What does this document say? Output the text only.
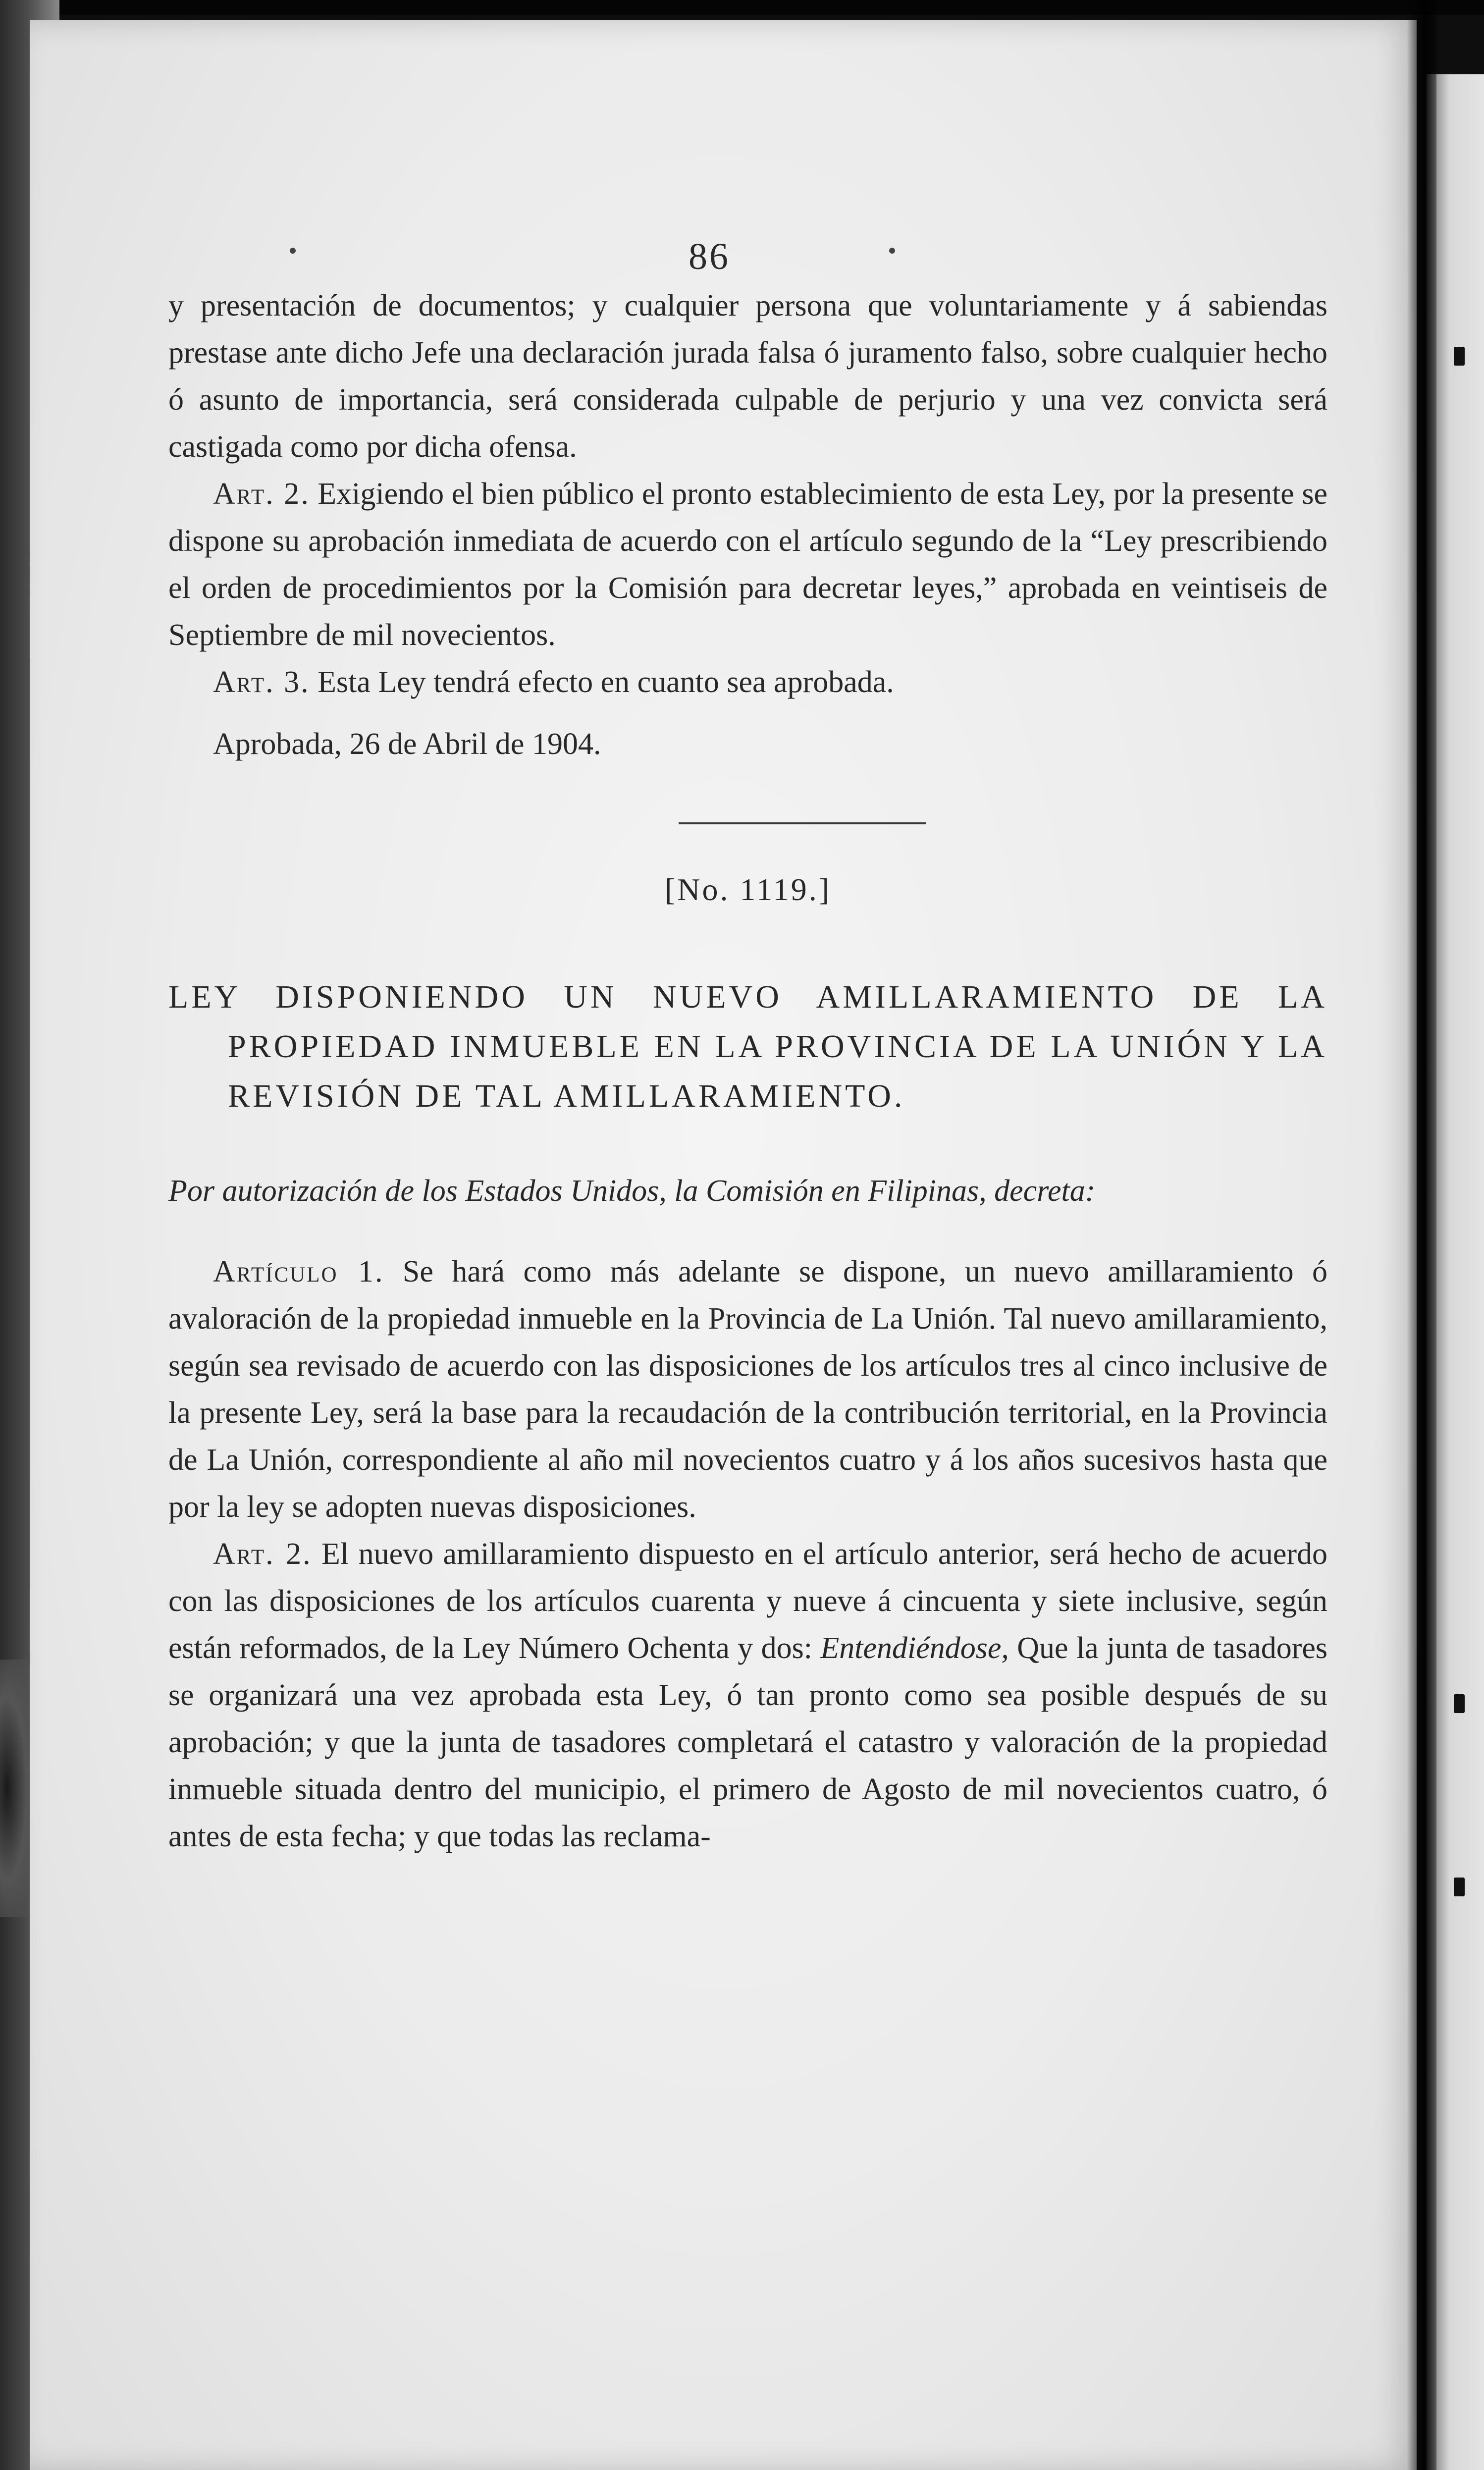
86

y presentación de documentos; y cualquier persona que voluntariamente y á sabiendas prestase ante dicho Jefe una declaración jurada falsa ó juramento falso, sobre cualquier hecho ó asunto de importancia, será considerada culpable de perjurio y una vez convicta será castigada como por dicha ofensa.

Art. 2. Exigiendo el bien público el pronto establecimiento de esta Ley, por la presente se dispone su aprobación inmediata de acuerdo con el artículo segundo de la “Ley prescribiendo el orden de procedimientos por la Comisión para decretar leyes,” aprobada en veintiseis de Septiembre de mil novecientos.

Art. 3. Esta Ley tendrá efecto en cuanto sea aprobada.

Aprobada, 26 de Abril de 1904.

[No. 1119.]
LEY DISPONIENDO UN NUEVO AMILLARAMIENTO DE LA PROPIEDAD INMUEBLE EN LA PROVINCIA DE LA UNIÓN Y LA REVISIÓN DE TAL AMILLARAMIENTO.
Por autorización de los Estados Unidos, la Comisión en Filipinas, decreta:

Artículo 1. Se hará como más adelante se dispone, un nuevo amillaramiento ó avaloración de la propiedad inmueble en la Provincia de La Unión. Tal nuevo amillaramiento, según sea revisado de acuerdo con las disposiciones de los artículos tres al cinco inclusive de la presente Ley, será la base para la recaudación de la contribución territorial, en la Provincia de La Unión, correspondiente al año mil novecientos cuatro y á los años sucesivos hasta que por la ley se adopten nuevas disposiciones.

Art. 2. El nuevo amillaramiento dispuesto en el artículo anterior, será hecho de acuerdo con las disposiciones de los artículos cuarenta y nueve á cincuenta y siete inclusive, según están reformados, de la Ley Número Ochenta y dos: Entendiéndose, Que la junta de tasadores se organizará una vez aprobada esta Ley, ó tan pronto como sea posible después de su aprobación; y que la junta de tasadores completará el catastro y valoración de la propiedad inmueble situada dentro del municipio, el primero de Agosto de mil novecientos cuatro, ó antes de esta fecha; y que todas las reclama-
